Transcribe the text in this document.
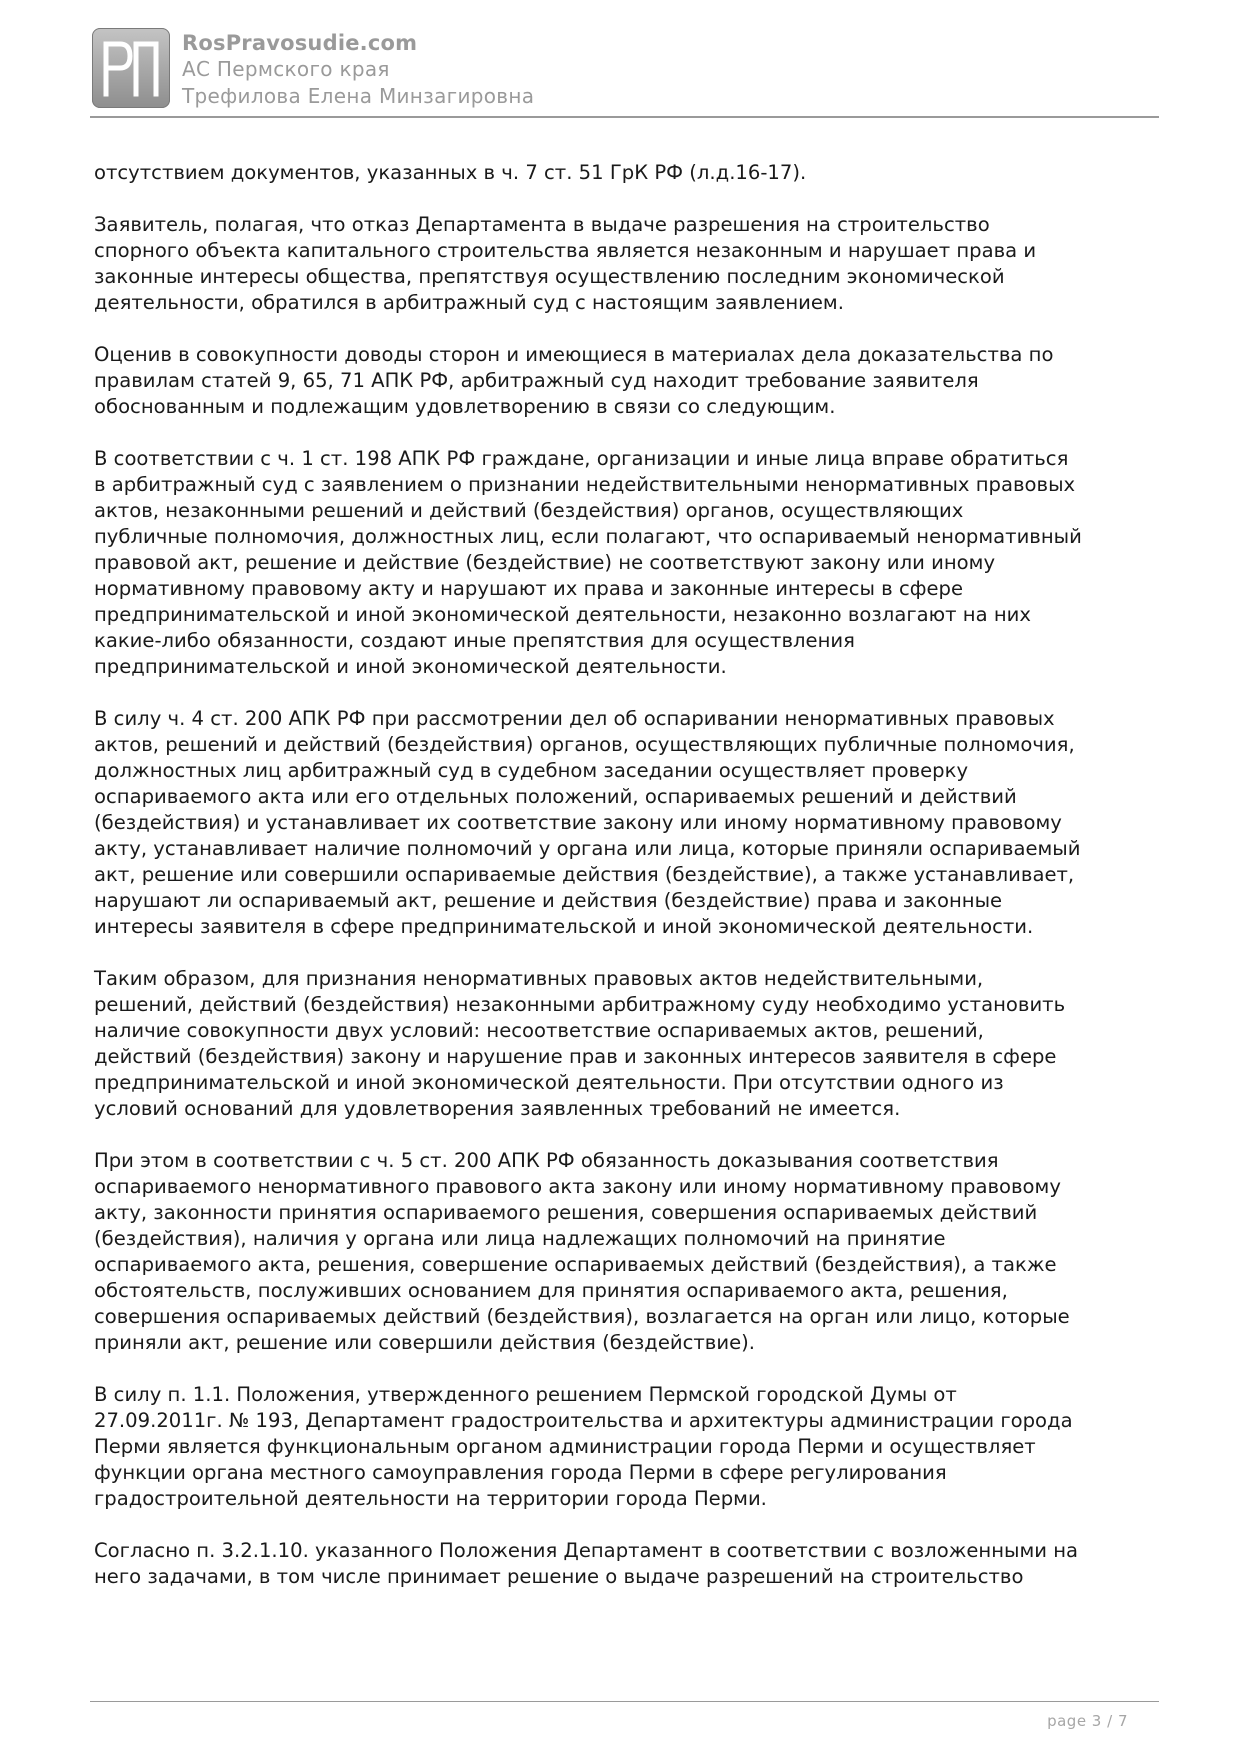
RosPravosudie.com
АС Пермского края
Трефилова Елена Минзагировна

отсутствием документов, указанных в ч. 7 ст. 51 ГрК РФ (л.д.16-17).

Заявитель, полагая, что отказ Департамента в выдаче разрешения на строительство
спорного объекта капитального строительства является незаконным и нарушает права и
законные интересы общества, препятствуя осуществлению последним экономической
деятельности, обратился в арбитражный суд с настоящим заявлением.

Оценив в совокупности доводы сторон и имеющиеся в материалах дела доказательства по
правилам статей 9, 65, 71 АПК РФ, арбитражный суд находит требование заявителя
обоснованным и подлежащим удовлетворению в связи со следующим.

В соответствии с ч. 1 ст. 198 АПК РФ граждане, организации и иные лица вправе обратиться
в арбитражный суд с заявлением о признании недействительными ненормативных правовых
актов, незаконными решений и действий (бездействия) органов, осуществляющих
публичные полномочия, должностных лиц, если полагают, что оспариваемый ненормативный
правовой акт, решение и действие (бездействие) не соответствуют закону или иному
нормативному правовому акту и нарушают их права и законные интересы в сфере
предпринимательской и иной экономической деятельности, незаконно возлагают на них
какие-либо обязанности, создают иные препятствия для осуществления
предпринимательской и иной экономической деятельности.

В силу ч. 4 ст. 200 АПК РФ при рассмотрении дел об оспаривании ненормативных правовых
актов, решений и действий (бездействия) органов, осуществляющих публичные полномочия,
должностных лиц арбитражный суд в судебном заседании осуществляет проверку
оспариваемого акта или его отдельных положений, оспариваемых решений и действий
(бездействия) и устанавливает их соответствие закону или иному нормативному правовому
акту, устанавливает наличие полномочий у органа или лица, которые приняли оспариваемый
акт, решение или совершили оспариваемые действия (бездействие), а также устанавливает,
нарушают ли оспариваемый акт, решение и действия (бездействие) права и законные
интересы заявителя в сфере предпринимательской и иной экономической деятельности.

Таким образом, для признания ненормативных правовых актов недействительными,
решений, действий (бездействия) незаконными арбитражному суду необходимо установить
наличие совокупности двух условий: несоответствие оспариваемых актов, решений,
действий (бездействия) закону и нарушение прав и законных интересов заявителя в сфере
предпринимательской и иной экономической деятельности. При отсутствии одного из
условий оснований для удовлетворения заявленных требований не имеется.

При этом в соответствии с ч. 5 ст. 200 АПК РФ обязанность доказывания соответствия
оспариваемого ненормативного правового акта закону или иному нормативному правовому
акту, законности принятия оспариваемого решения, совершения оспариваемых действий
(бездействия), наличия у органа или лица надлежащих полномочий на принятие
оспариваемого акта, решения, совершение оспариваемых действий (бездействия), а также
обстоятельств, послуживших основанием для принятия оспариваемого акта, решения,
совершения оспариваемых действий (бездействия), возлагается на орган или лицо, которые
приняли акт, решение или совершили действия (бездействие).

В силу п. 1.1. Положения, утвержденного решением Пермской городской Думы от
27.09.2011г. № 193, Департамент градостроительства и архитектуры администрации города
Перми является функциональным органом администрации города Перми и осуществляет
функции органа местного самоуправления города Перми в сфере регулирования
градостроительной деятельности на территории города Перми.

Согласно п. 3.2.1.10. указанного Положения Департамент в соответствии с возложенными на
него задачами, в том числе принимает решение о выдаче разрешений на строительство

page 3 / 7
